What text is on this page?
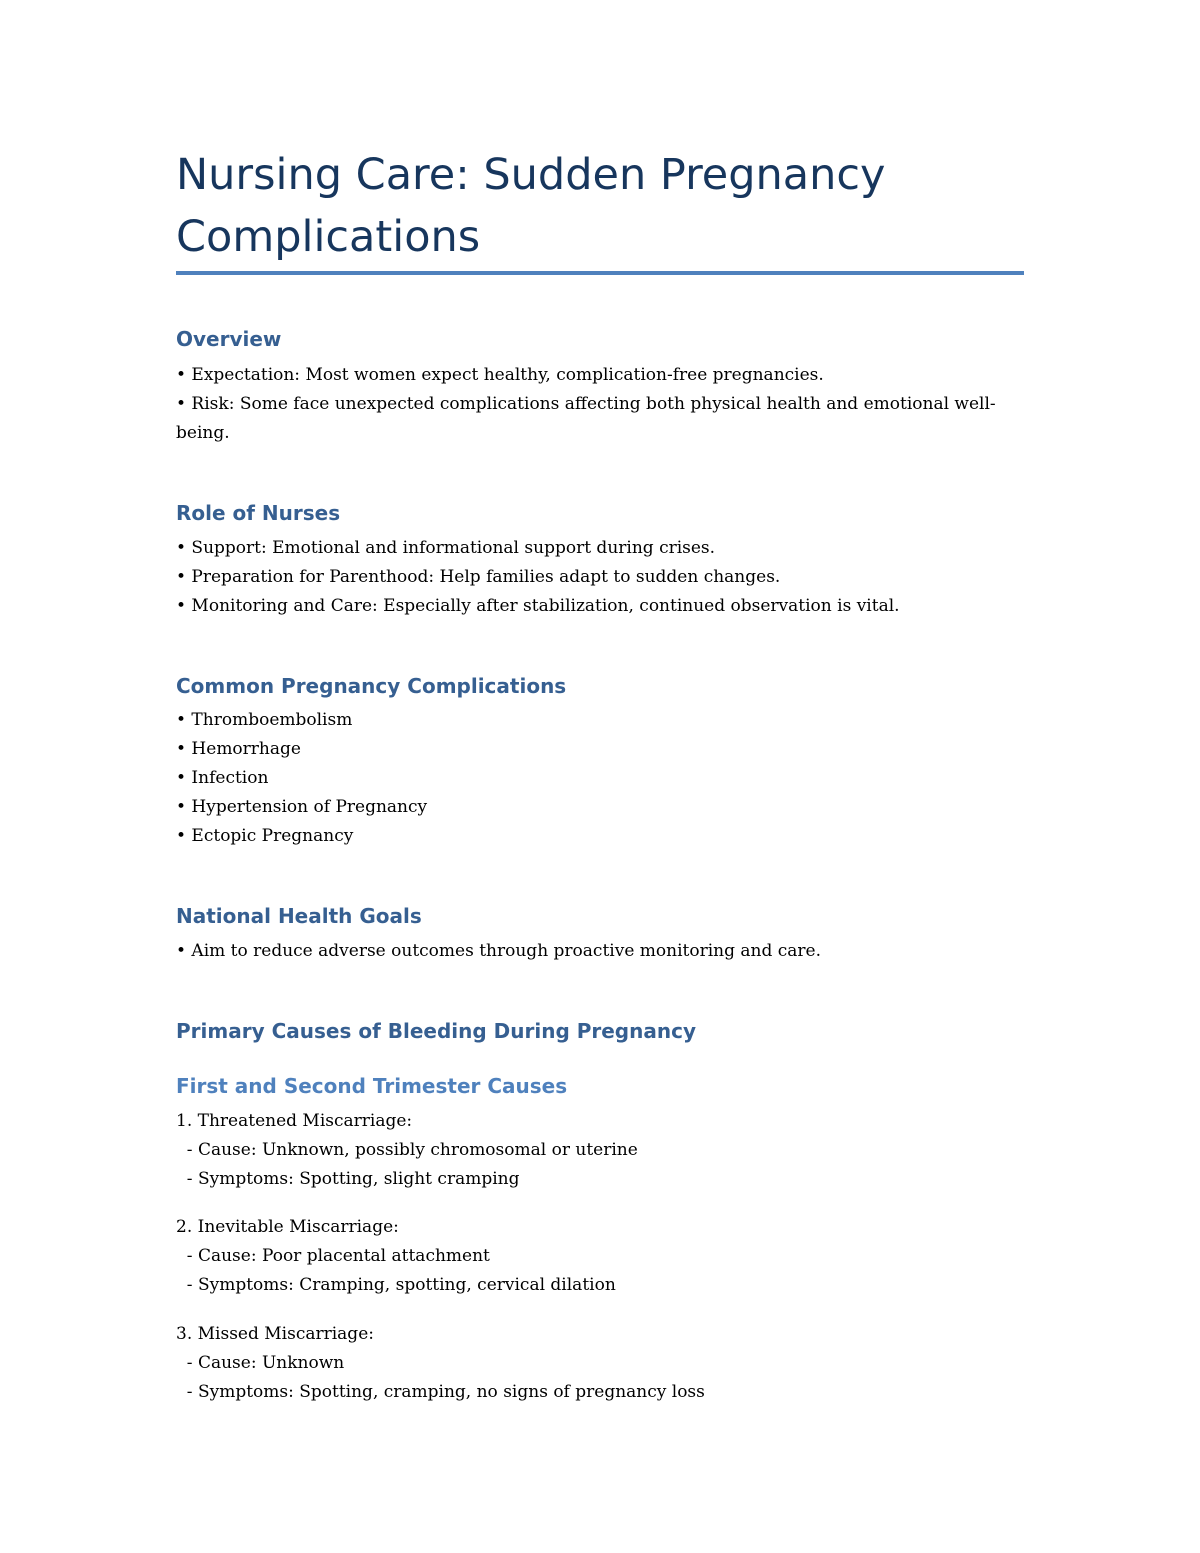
Nursing Care: Sudden Pregnancy Complications
Overview
• Expectation: Most women expect healthy, complication-free pregnancies.
• Risk: Some face unexpected complications affecting both physical health and emotional well-being.
Role of Nurses
• Support: Emotional and informational support during crises.
• Preparation for Parenthood: Help families adapt to sudden changes.
• Monitoring and Care: Especially after stabilization, continued observation is vital.
Common Pregnancy Complications
• Thromboembolism
• Hemorrhage
• Infection
• Hypertension of Pregnancy
• Ectopic Pregnancy
National Health Goals
• Aim to reduce adverse outcomes through proactive monitoring and care.
Primary Causes of Bleeding During Pregnancy
First and Second Trimester Causes
1. Threatened Miscarriage:
- Cause: Unknown, possibly chromosomal or uterine
- Symptoms: Spotting, slight cramping
2. Inevitable Miscarriage:
- Cause: Poor placental attachment
- Symptoms: Cramping, spotting, cervical dilation
3. Missed Miscarriage:
- Cause: Unknown
- Symptoms: Spotting, cramping, no signs of pregnancy loss
